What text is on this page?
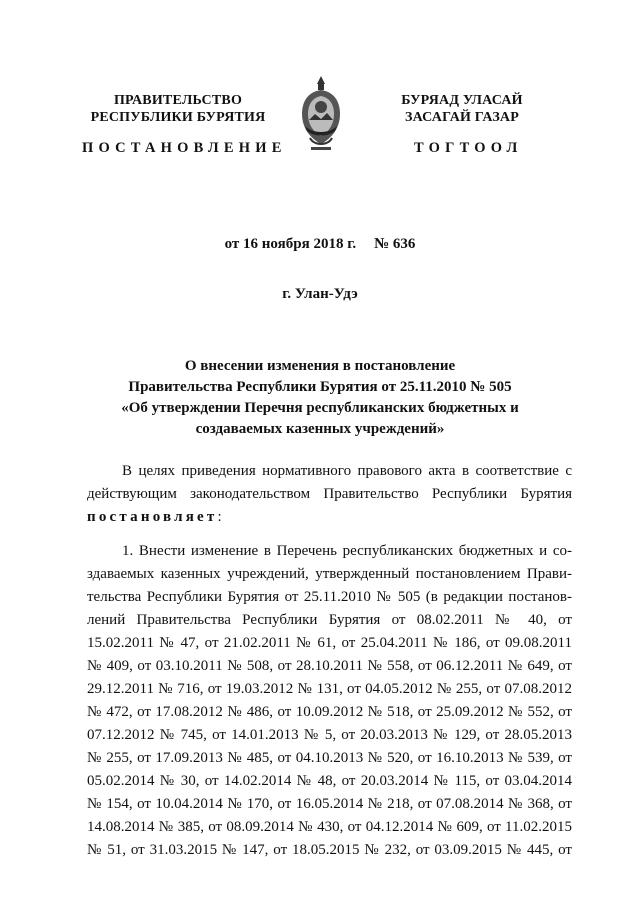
ПРАВИТЕЛЬСТВО
РЕСПУБЛИКИ БУРЯТИЯ
БУРЯАД УЛАСАЙ
ЗАСАГАЙ ГАЗАР
ПОСТАНОВЛЕНИЕ	ТОГТООЛ
от 16 ноября 2018 г. № 636
г. Улан-Удэ
О внесении изменения в постановление
Правительства Республики Бурятия от 25.11.2010 № 505
«Об утверждении Перечня республиканских бюджетных и
создаваемых казенных учреждений»
В целях приведения нормативного правового акта в соответствие с
действующим законодательством Правительство Республики Бурятия
постановляет:
1. Внести изменение в Перечень республиканских бюджетных и со-
здаваемых казенных учреждений, утвержденный постановлением Прави-
тельства Республики Бурятия от 25.11.2010 № 505 (в редакции постанов-
лений Правительства Республики Бурятия от 08.02.2011 № 40, от
15.02.2011 № 47, от 21.02.2011 № 61, от 25.04.2011 № 186, от 09.08.2011
№ 409, от 03.10.2011 № 508, от 28.10.2011 № 558, от 06.12.2011 № 649, от
29.12.2011 № 716, от 19.03.2012 № 131, от 04.05.2012 № 255, от 07.08.2012
№ 472, от 17.08.2012 № 486, от 10.09.2012 № 518, от 25.09.2012 № 552, от
07.12.2012 № 745, от 14.01.2013 № 5, от 20.03.2013 № 129, от 28.05.2013
№ 255, от 17.09.2013 № 485, от 04.10.2013 № 520, от 16.10.2013 № 539, от
05.02.2014 № 30, от 14.02.2014 № 48, от 20.03.2014 № 115, от 03.04.2014
№ 154, от 10.04.2014 № 170, от 16.05.2014 № 218, от 07.08.2014 № 368, от
14.08.2014 № 385, от 08.09.2014 № 430, от 04.12.2014 № 609, от 11.02.2015
№ 51, от 31.03.2015 № 147, от 18.05.2015 № 232, от 03.09.2015 № 445, от
